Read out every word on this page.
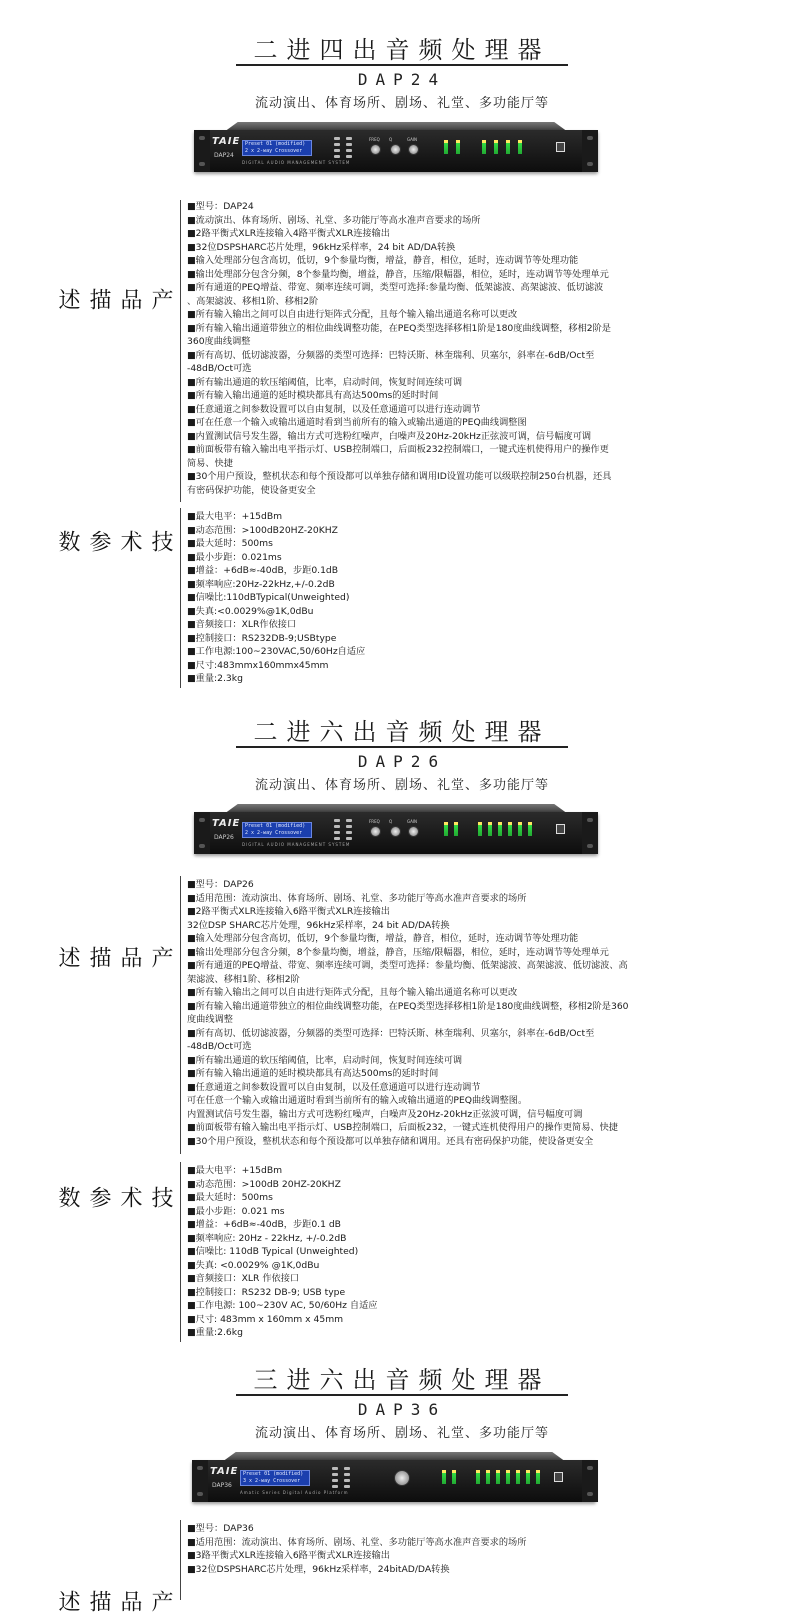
二进四出音频处理器
DAP24
流动演出、体育场所、剧场、礼堂、多功能厅等
TAIE
DAP24
Preset 01 (modified)
2 x 2-way Crossover
DIGITAL AUDIO MANAGEMENT SYSTEM
FREQ Q	GAIN
产品描述
■型号：DAP24
■流动演出、体育场所、剧场、礼堂、多功能厅等高水准声音要求的场所
■2路平衡式XLR连接输入4路平衡式XLR连接输出
■32位DSPSHARC芯片处理，96kHz采样率，24 bit AD/DA转换
■输入处理部分包含高切，低切，9个参量均衡，增益，静音，相位，延时，连动调节等处理功能
■输出处理部分包含分频，8个参量均衡，增益，静音，压缩/限幅器，相位，延时，连动调节等处理单元
■所有通道的PEQ增益、带宽、频率连续可调，类型可选择:参量均衡、低架滤波、高架滤波、低切滤波
、高架滤波、移相1阶、移相2阶
■所有输入输出之间可以自由进行矩阵式分配，且每个输入输出通道名称可以更改
■所有输入输出通道带独立的相位曲线调整功能，在PEQ类型选择移相1阶是180度曲线调整，移相2阶是
360度曲线调整
■所有高切、低切滤波器，分频器的类型可选择：巴特沃斯、林奎瑞利、贝塞尔，斜率在-6dB/Oct至
-48dB/Oct可选
■所有输出通道的软压缩阈值，比率，启动时间，恢复时间连续可调
■所有输入输出通道的延时模块都具有高达500ms的延时时间
■任意通道之间参数设置可以自由复制，以及任意通道可以进行连动调节
■可在任意一个输入或输出通道时看到当前所有的输入或输出通道的PEQ曲线调整图
■内置测试信号发生器，输出方式可选粉红噪声，白噪声及20Hz-20kHz正弦波可调，信号幅度可调
■前面板带有输入输出电平指示灯、USB控制端口，后面板232控制端口，一键式连机使得用户的操作更
简易、快捷
■30个用户预设，整机状态和每个预设都可以单独存储和调用ID设置功能可以级联控制250台机器，还具
有密码保护功能，使设备更安全
技术参数
■最大电平：+15dBm
■动态范围：>100dB20HZ-20KHZ
■最大延时：500ms
■最小步距：0.021ms
■增益：+6dB≈-40dB，步距0.1dB
■频率响应:20Hz-22kHz,+/-0.2dB
■信噪比:110dBTypical(Unweighted)
■失真:<0.0029%@1K,0dBu
■音频接口：XLR作依接口
■控制接口：RS232DB-9;USBtype
■工作电源:100~230VAC,50/60Hz自适应
■尺寸:483mmx160mmx45mm
■重量:2.3kg
二进六出音频处理器
DAP26
流动演出、体育场所、剧场、礼堂、多功能厅等
TAIE
DAP26
Preset 01 (modified)
2 x 2-way Crossover
DIGITAL AUDIO MANAGEMENT SYSTEM
FREQ Q	GAIN
产品描述
■型号：DAP26
■适用范围：流动演出、体育场所、剧场、礼堂、多功能厅等高水准声音要求的场所
■2路平衡式XLR连接输入6路平衡式XLR连接输出
32位DSP SHARC芯片处理，96kHz采样率，24 bit AD/DA转换
■输入处理部分包含高切，低切，9个参量均衡，增益，静音，相位，延时，连动调节等处理功能
■输出处理部分包含分频，8个参量均衡，增益，静音，压缩/限幅器，相位，延时，连动调节等处理单元
■所有通道的PEQ增益、带宽、频率连续可调，类型可选择：参量均衡、低架滤波、高架滤波、低切滤波、高
架滤波、移相1阶、移相2阶
■所有输入输出之间可以自由进行矩阵式分配，且每个输入输出通道名称可以更改
■所有输入输出通道带独立的相位曲线调整功能，在PEQ类型选择移相1阶是180度曲线调整，移相2阶是360
度曲线调整
■所有高切、低切滤波器，分频器的类型可选择：巴特沃斯、林奎瑞利、贝塞尔，斜率在-6dB/Oct至
-48dB/Oct可选
■所有输出通道的软压缩阈值，比率，启动时间，恢复时间连续可调
■所有输入输出通道的延时模块都具有高达500ms的延时时间
■任意通道之间参数设置可以自由复制，以及任意通道可以进行连动调节
可在任意一个输入或输出通道时看到当前所有的输入或输出通道的PEQ曲线调整图。
内置测试信号发生器，输出方式可选粉红噪声，白噪声及20Hz-20kHz正弦波可调，信号幅度可调
■前面板带有输入输出电平指示灯、USB控制端口，后面板232，一键式连机使得用户的操作更简易、快捷
■30个用户预设，整机状态和每个预设都可以单独存储和调用。还具有密码保护功能，使设备更安全
技术参数
■最大电平：+15dBm
■动态范围：>100dB 20HZ-20KHZ
■最大延时：500ms
■最小步距：0.021 ms
■增益：+6dB≈-40dB，步距0.1 dB
■频率响应: 20Hz - 22kHz, +/-0.2dB
■信噪比: 110dB Typical (Unweighted)
■失真: <0.0029% @1K,0dBu
■音频接口：XLR 作依接口
■控制接口：RS232 DB-9; USB type
■工作电源: 100~230V AC, 50/60Hz 自适应
■尺寸: 483mm x 160mm x 45mm
■重量:2.6kg
三进六出音频处理器
DAP36
流动演出、体育场所、剧场、礼堂、多功能厅等
TAIE
DAP36
Preset 01 (modified)
3 x 2-way Crossover
Amatic Series Digital Audio Platform
产品描述
■型号：DAP36
■适用范围：流动演出、体育场所、剧场、礼堂、多功能厅等高水准声音要求的场所
■3路平衡式XLR连接输入6路平衡式XLR连接输出
■32位DSPSHARC芯片处理，96kHz采样率，24bitAD/DA转换
